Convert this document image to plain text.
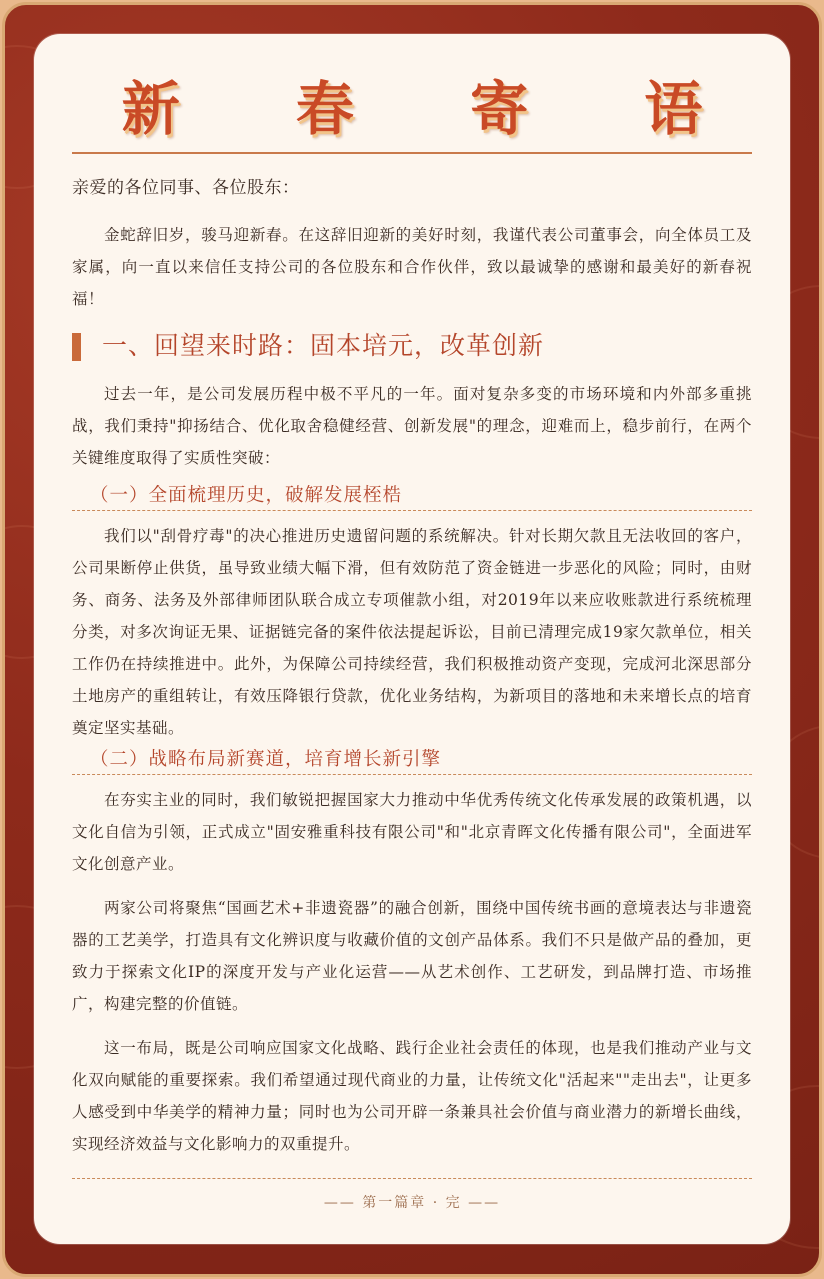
新 春 寄 语
亲爱的各位同事、各位股东：
金蛇辞旧岁，骏马迎新春。在这辞旧迎新的美好时刻，我谨代表公司董事会，向全体员工及家属，向一直以来信任支持公司的各位股东和合作伙伴，致以最诚挚的感谢和最美好的新春祝福！
一、回望来时路：固本培元，改革创新
过去一年，是公司发展历程中极不平凡的一年。面对复杂多变的市场环境和内外部多重挑战，我们秉持"抑扬结合、优化取舍稳健经营、创新发展"的理念，迎难而上，稳步前行，在两个关键维度取得了实质性突破：
（一）全面梳理历史，破解发展桎梏
我们以"刮骨疗毒"的决心推进历史遗留问题的系统解决。针对长期欠款且无法收回的客户，公司果断停止供货，虽导致业绩大幅下滑，但有效防范了资金链进一步恶化的风险；同时，由财务、商务、法务及外部律师团队联合成立专项催款小组，对2019年以来应收账款进行系统梳理分类，对多次询证无果、证据链完备的案件依法提起诉讼，目前已清理完成19家欠款单位，相关工作仍在持续推进中。此外，为保障公司持续经营，我们积极推动资产变现，完成河北深思部分土地房产的重组转让，有效压降银行贷款，优化业务结构，为新项目的落地和未来增长点的培育奠定坚实基础。
（二）战略布局新赛道，培育增长新引擎
在夯实主业的同时，我们敏锐把握国家大力推动中华优秀传统文化传承发展的政策机遇，以文化自信为引领，正式成立"固安雅重科技有限公司"和"北京青晖文化传播有限公司"，全面进军文化创意产业。
两家公司将聚焦“国画艺术+非遗瓷器”的融合创新，围绕中国传统书画的意境表达与非遗瓷器的工艺美学，打造具有文化辨识度与收藏价值的文创产品体系。我们不只是做产品的叠加，更致力于探索文化IP的深度开发与产业化运营——从艺术创作、工艺研发，到品牌打造、市场推广，构建完整的价值链。
这一布局，既是公司响应国家文化战略、践行企业社会责任的体现，也是我们推动产业与文化双向赋能的重要探索。我们希望通过现代商业的力量，让传统文化"活起来""走出去"，让更多人感受到中华美学的精神力量；同时也为公司开辟一条兼具社会价值与商业潜力的新增长曲线，实现经济效益与文化影响力的双重提升。
—— 第一篇章 · 完 ——
